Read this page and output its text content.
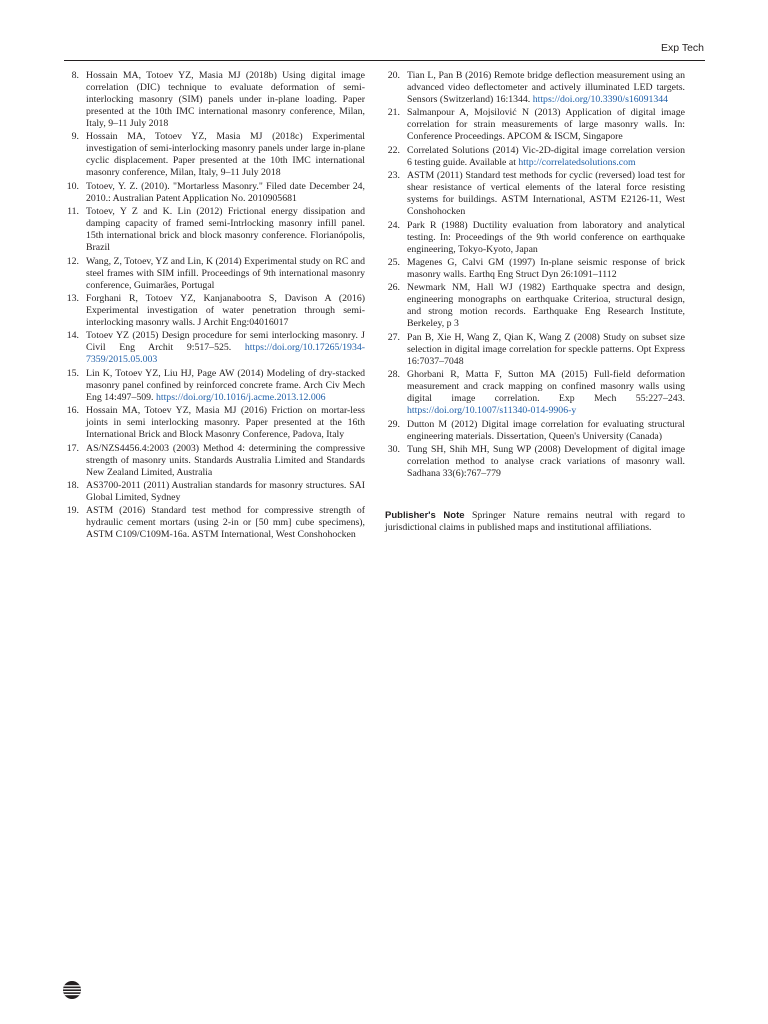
Exp Tech
8. Hossain MA, Totoev YZ, Masia MJ (2018b) Using digital image correlation (DIC) technique to evaluate deformation of semi-interlocking masonry (SIM) panels under in-plane loading. Paper presented at the 10th IMC international masonry conference, Milan, Italy, 9–11 July 2018
9. Hossain MA, Totoev YZ, Masia MJ (2018c) Experimental investigation of semi-interlocking masonry panels under large in-plane cyclic displacement. Paper presented at the 10th IMC international masonry conference, Milan, Italy, 9–11 July 2018
10. Totoev, Y. Z. (2010). "Mortarless Masonry." Filed date December 24, 2010.: Australian Patent Application No. 2010905681
11. Totoev, Y Z and K. Lin (2012) Frictional energy dissipation and damping capacity of framed semi-Intrlocking masonry infill panel. 15th international brick and block masonry conference. Florianópolis, Brazil
12. Wang, Z, Totoev, YZ and Lin, K (2014) Experimental study on RC and steel frames with SIM infill. Proceedings of 9th international masonry conference, Guimarães, Portugal
13. Forghani R, Totoev YZ, Kanjanabootra S, Davison A (2016) Experimental investigation of water penetration through semi-interlocking masonry walls. J Archit Eng:04016017
14. Totoev YZ (2015) Design procedure for semi interlocking masonry. J Civil Eng Archit 9:517–525. https://doi.org/10.17265/1934-7359/2015.05.003
15. Lin K, Totoev YZ, Liu HJ, Page AW (2014) Modeling of dry-stacked masonry panel confined by reinforced concrete frame. Arch Civ Mech Eng 14:497–509. https://doi.org/10.1016/j.acme.2013.12.006
16. Hossain MA, Totoev YZ, Masia MJ (2016) Friction on mortar-less joints in semi interlocking masonry. Paper presented at the 16th International Brick and Block Masonry Conference, Padova, Italy
17. AS/NZS4456.4:2003 (2003) Method 4: determining the compressive strength of masonry units. Standards Australia Limited and Standards New Zealand Limited, Australia
18. AS3700-2011 (2011) Australian standards for masonry structures. SAI Global Limited, Sydney
19. ASTM (2016) Standard test method for compressive strength of hydraulic cement mortars (using 2-in or [50 mm] cube specimens), ASTM C109/C109M-16a. ASTM International, West Conshohocken
20. Tian L, Pan B (2016) Remote bridge deflection measurement using an advanced video deflectometer and actively illuminated LED targets. Sensors (Switzerland) 16:1344. https://doi.org/10.3390/s16091344
21. Salmanpour A, Mojsilović N (2013) Application of digital image correlation for strain measurements of large masonry walls. In: Conference Proceedings. APCOM & ISCM, Singapore
22. Correlated Solutions (2014) Vic-2D-digital image correlation version 6 testing guide. Available at http://correlatedsolutions.com
23. ASTM (2011) Standard test methods for cyclic (reversed) load test for shear resistance of vertical elements of the lateral force resisting systems for buildings. ASTM International, ASTM E2126-11, West Conshohocken
24. Park R (1988) Ductility evaluation from laboratory and analytical testing. In: Proceedings of the 9th world conference on earthquake engineering, Tokyo-Kyoto, Japan
25. Magenes G, Calvi GM (1997) In-plane seismic response of brick masonry walls. Earthq Eng Struct Dyn 26:1091–1112
26. Newmark NM, Hall WJ (1982) Earthquake spectra and design, engineering monographs on earthquake Criterioa, structural design, and strong motion records. Earthquake Eng Research Institute, Berkeley, p 3
27. Pan B, Xie H, Wang Z, Qian K, Wang Z (2008) Study on subset size selection in digital image correlation for speckle patterns. Opt Express 16:7037–7048
28. Ghorbani R, Matta F, Sutton MA (2015) Full-field deformation measurement and crack mapping on confined masonry walls using digital image correlation. Exp Mech 55:227–243. https://doi.org/10.1007/s11340-014-9906-y
29. Dutton M (2012) Digital image correlation for evaluating structural engineering materials. Dissertation, Queen's University (Canada)
30. Tung SH, Shih MH, Sung WP (2008) Development of digital image correlation method to analyse crack variations of masonry wall. Sadhana 33(6):767–779
Publisher's Note Springer Nature remains neutral with regard to jurisdictional claims in published maps and institutional affiliations.
